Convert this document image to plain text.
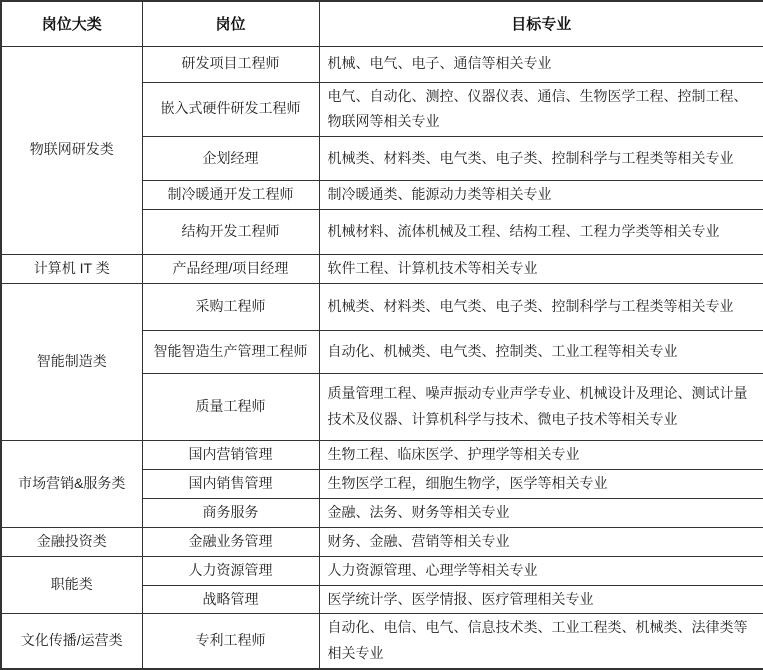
岗位大类	岗位	目标专业
物联网研发类	研发项目工程师	机械、电气、电子、通信等相关专业
	嵌入式硬件研发工程师	电气、自动化、测控、仪器仪表、通信、生物医学工程、控制工程、物联网等相关专业
	企划经理	机械类、材料类、电气类、电子类、控制科学与工程类等相关专业
	制冷暖通开发工程师	制冷暖通类、能源动力类等相关专业
	结构开发工程师	机械材料、流体机械及工程、结构工程、工程力学类等相关专业
计算机 IT 类	产品经理/项目经理	软件工程、计算机技术等相关专业
智能制造类	采购工程师	机械类、材料类、电气类、电子类、控制科学与工程类等相关专业
	智能智造生产管理工程师	自动化、机械类、电气类、控制类、工业工程等相关专业
	质量工程师	质量管理工程、噪声振动专业声学专业、机械设计及理论、测试计量技术及仪器、计算机科学与技术、微电子技术等相关专业
市场营销&服务类	国内营销管理	生物工程、临床医学、护理学等相关专业
	国内销售管理	生物医学工程，细胞生物学，医学等相关专业
	商务服务	金融、法务、财务等相关专业
金融投资类	金融业务管理	财务、金融、营销等相关专业
职能类	人力资源管理	人力资源管理、心理学等相关专业
	战略管理	医学统计学、医学情报、医疗管理相关专业
文化传播/运营类	专利工程师	自动化、电信、电气、信息技术类、工业工程类、机械类、法律类等相关专业
